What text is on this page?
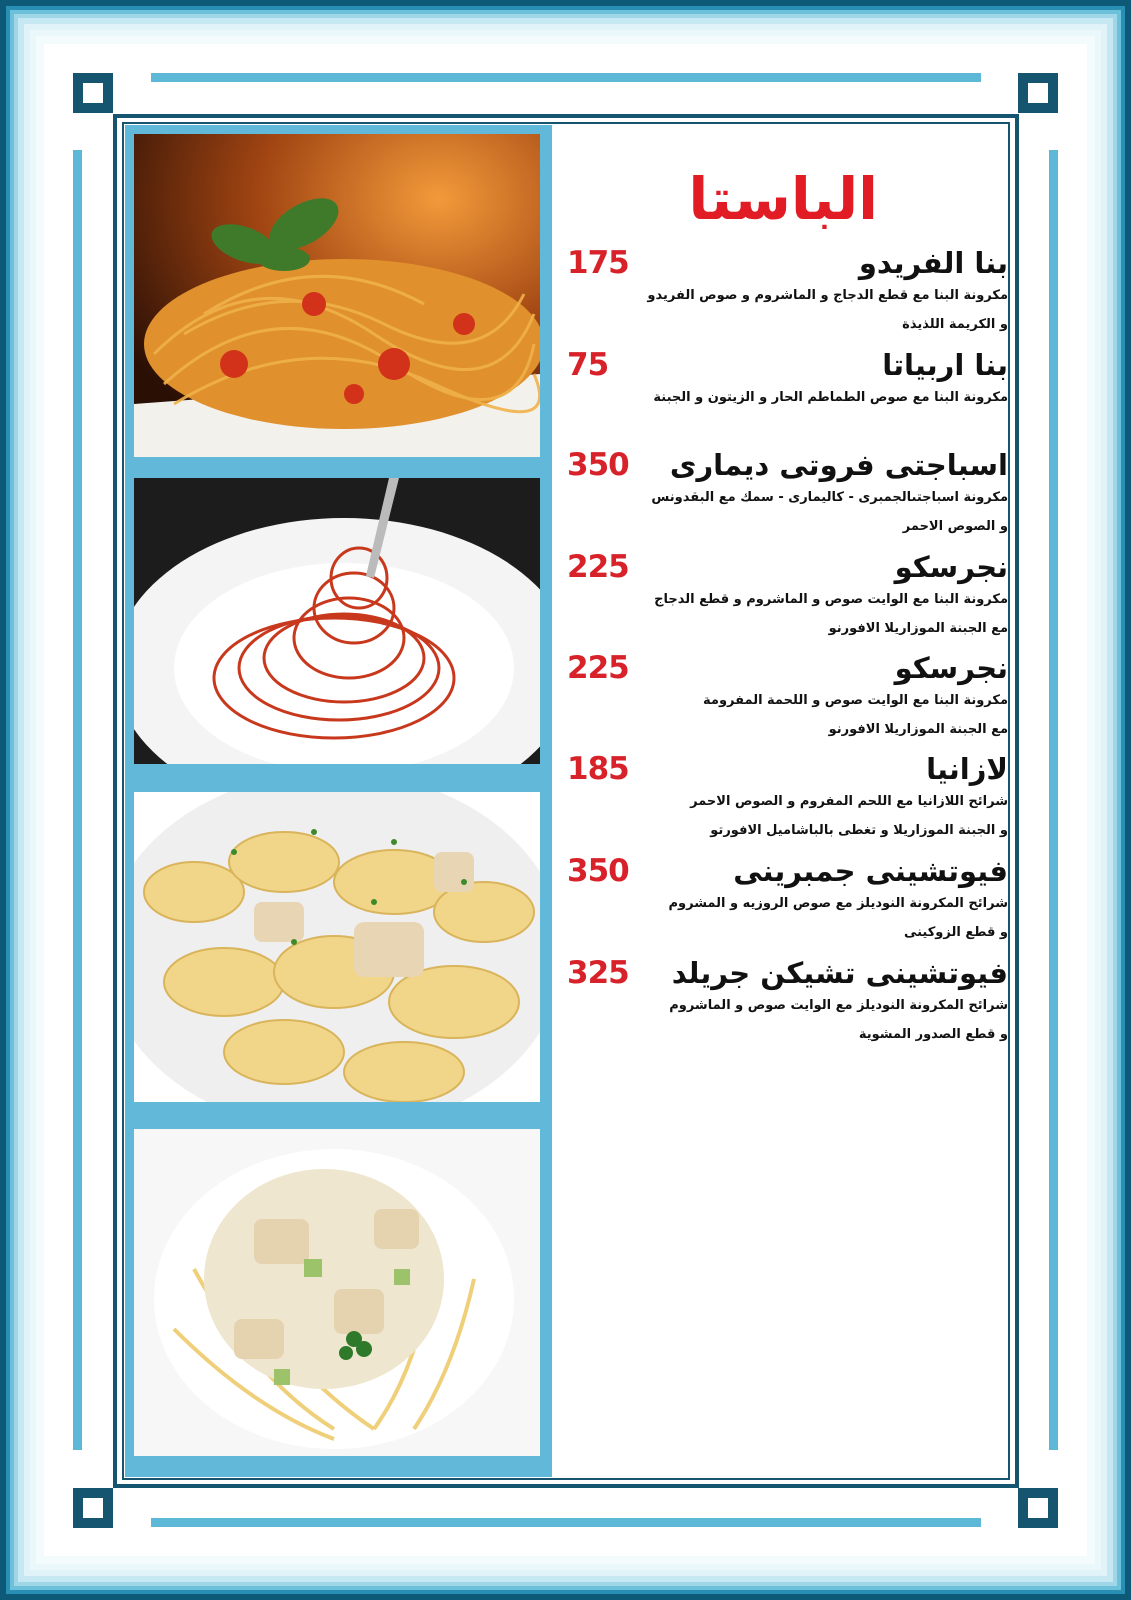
الباستا
بنا الفريدو
175
مكرونة البنا مع قطع الدجاج و الماشروم و صوص الفريدو
و الكريمة اللذيذة
بنا اربياتا
75
مكرونة البنا مع صوص الطماطم الحار و الزيتون و الجبنة
اسباجتى فروتى ديمارى
350
مكرونة اسباجتىالجمبرى - كاليمارى - سمك مع البقدونس
و الصوص الاحمر
نجرسكو
225
مكرونة البنا مع الوايت صوص و الماشروم و قطع الدجاج
مع الجبنة الموزاريلا الافورنو
نجرسكو
225
مكرونة البنا مع الوايت صوص و اللحمة المفرومة
مع الجبنة الموزاريلا الافورنو
لازانيا
185
شرائح اللازانيا مع اللحم المفروم و الصوص الاحمر
و الجبنة الموزاريلا و تغطى بالباشاميل الافورتو
فيوتشينى جمبرينى
350
شرائح المكرونة النوديلز مع صوص الروزيه و المشروم
و قطع الزوكينى
فيوتشينى تشيكن جريلد
325
شرائح المكرونة النوديلز مع الوايت صوص و الماشروم
و قطع الصدور المشوية
